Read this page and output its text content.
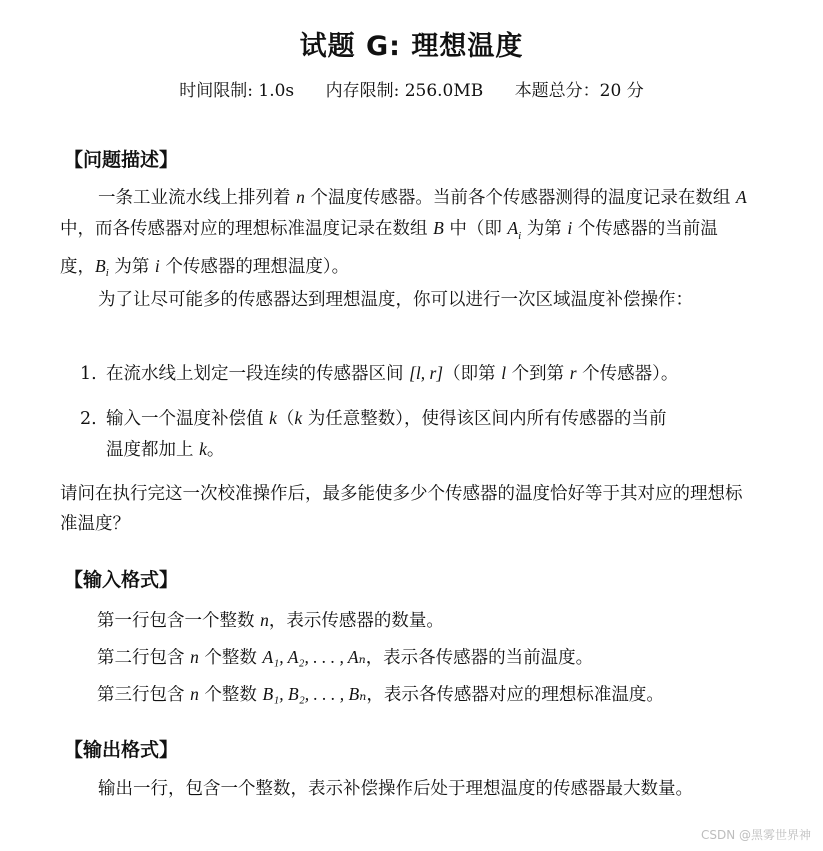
试题 G: 理想温度
时间限制: 1.0s 内存限制: 256.0MB 本题总分：20 分
【问题描述】
一条工业流水线上排列着 n 个温度传感器。当前各个传感器测得的温度记录在数组 A 中，而各传感器对应的理想标准温度记录在数组 B 中（即 $A_i$ 为第 i 个传感器的当前温度，$B_i$ 为第 i 个传感器的理想温度）。
为了让尽可能多的传感器达到理想温度，你可以进行一次区域温度补偿操作：
1. 在流水线上划定一段连续的传感器区间 [l, r]（即第 l 个到第 r 个传感器）。
2. 输入一个温度补偿值 k（k 为任意整数），使得该区间内所有传感器的当前
温度都加上 k。
请问在执行完这一次校准操作后，最多能使多少个传感器的温度恰好等于其对应的理想标准温度？
【输入格式】
第一行包含一个整数 n，表示传感器的数量。
第二行包含 n 个整数 A₁, A₂, . . . , Aₙ，表示各传感器的当前温度。
第三行包含 n 个整数 B₁, B₂, . . . , Bₙ，表示各传感器对应的理想标准温度。
【输出格式】
输出一行，包含一个整数，表示补偿操作后处于理想温度的传感器最大数量。
CSDN @黑雾世界神
